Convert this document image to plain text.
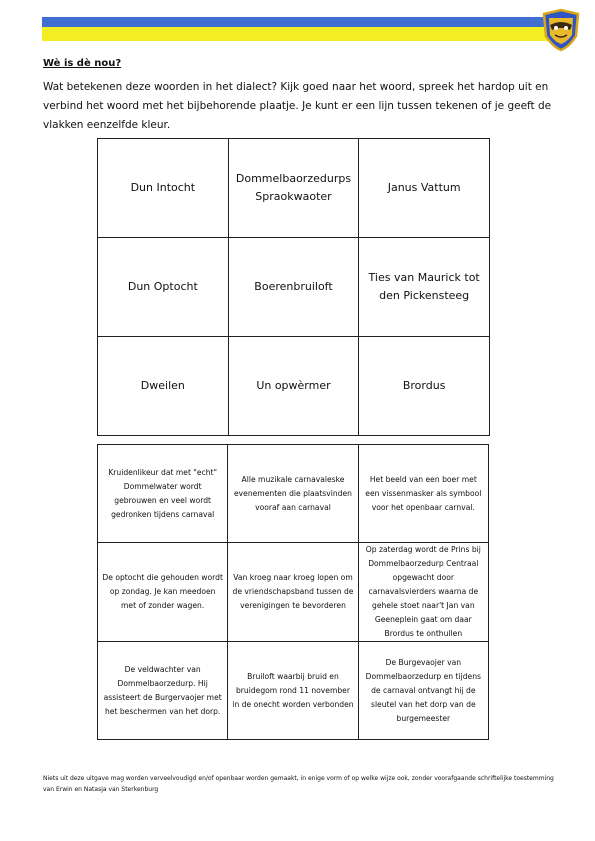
Wè is dè nou?
Wat betekenen deze woorden in het dialect? Kijk goed naar het woord, spreek het hardop uit en verbind het woord met het bijbehorende plaatje. Je kunt er een lijn tussen tekenen of je geeft de vlakken eenzelfde kleur.
Dun Intocht	Dommelbaorzedurps Spraokwaoter	Janus Vattum
Dun Optocht	Boerenbruiloft	Ties van Maurick tot den Pickensteeg
Dweilen	Un opwèrmer	Brordus
Kruidenlikeur dat met "echt" Dommelwater wordt gebrouwen en veel wordt gedronken tijdens carnaval	Alle muzikale carnavaleske evenementen die plaatsvinden vooraf aan carnaval	Het beeld van een boer met een vissenmasker als symbool voor het openbaar carnval.
De optocht die gehouden wordt op zondag. Je kan meedoen met of zonder wagen.	Van kroeg naar kroeg lopen om de vriendschapsband tussen de verenigingen te bevorderen	Op zaterdag wordt de Prins bij Dommelbaorzedurp Centraal opgewacht door carnavalsvierders waarna de gehele stoet naar't Jan van Geeneplein gaat om daar Brordus te onthullen
De veldwachter van Dommelbaorzedurp. Hij assisteert de Burgervaojer met het beschermen van het dorp.	Bruiloft waarbij bruid en bruidegom rond 11 november in de onecht worden verbonden	De Burgevaojer van Dommelbaorzedurp en tijdens de carnaval ontvangt hij de sleutel van het dorp van de burgemeester
Niets uit deze uitgave mag worden verveelvoudigd en/of openbaar worden gemaakt, in enige vorm of op welke wijze ook, zonder voorafgaande schriftelijke toestemming van Erwin en Natasja van Sterkenburg
